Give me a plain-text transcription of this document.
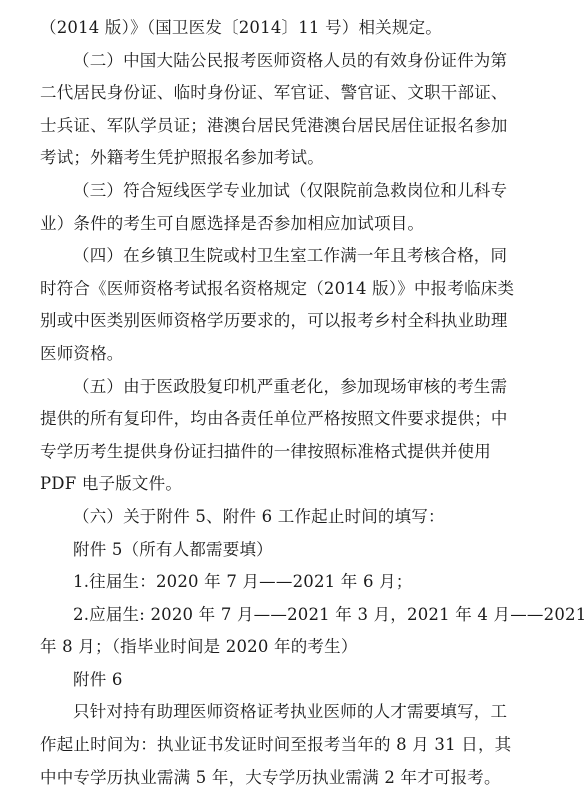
（2014 版）》（国卫医发〔2014〕11 号）相关规定。
（二）中国大陆公民报考医师资格人员的有效身份证件为第
二代居民身份证、临时身份证、军官证、警官证、文职干部证、
士兵证、军队学员证；港澳台居民凭港澳台居民居住证报名参加
考试；外籍考生凭护照报名参加考试。
（三）符合短线医学专业加试（仅限院前急救岗位和儿科专
业）条件的考生可自愿选择是否参加相应加试项目。
（四）在乡镇卫生院或村卫生室工作满一年且考核合格，同
时符合《医师资格考试报名资格规定（2014 版）》中报考临床类
别或中医类别医师资格学历要求的，可以报考乡村全科执业助理
医师资格。
（五）由于医政股复印机严重老化，参加现场审核的考生需
提供的所有复印件，均由各责任单位严格按照文件要求提供；中
专学历考生提供身份证扫描件的一律按照标准格式提供并使用
PDF 电子版文件。
（六）关于附件 5、附件 6 工作起止时间的填写：
附件 5（所有人都需要填）
1.往届生：2020 年 7 月——2021 年 6 月；
2.应届生: 2020 年 7 月——2021 年 3 月，2021 年 4 月——2021
年 8 月；（指毕业时间是 2020 年的考生）
附件 6
只针对持有助理医师资格证考执业医师的人才需要填写，工
作起止时间为：执业证书发证时间至报考当年的 8 月 31 日，其
中中专学历执业需满 5 年，大专学历执业需满 2 年才可报考。
